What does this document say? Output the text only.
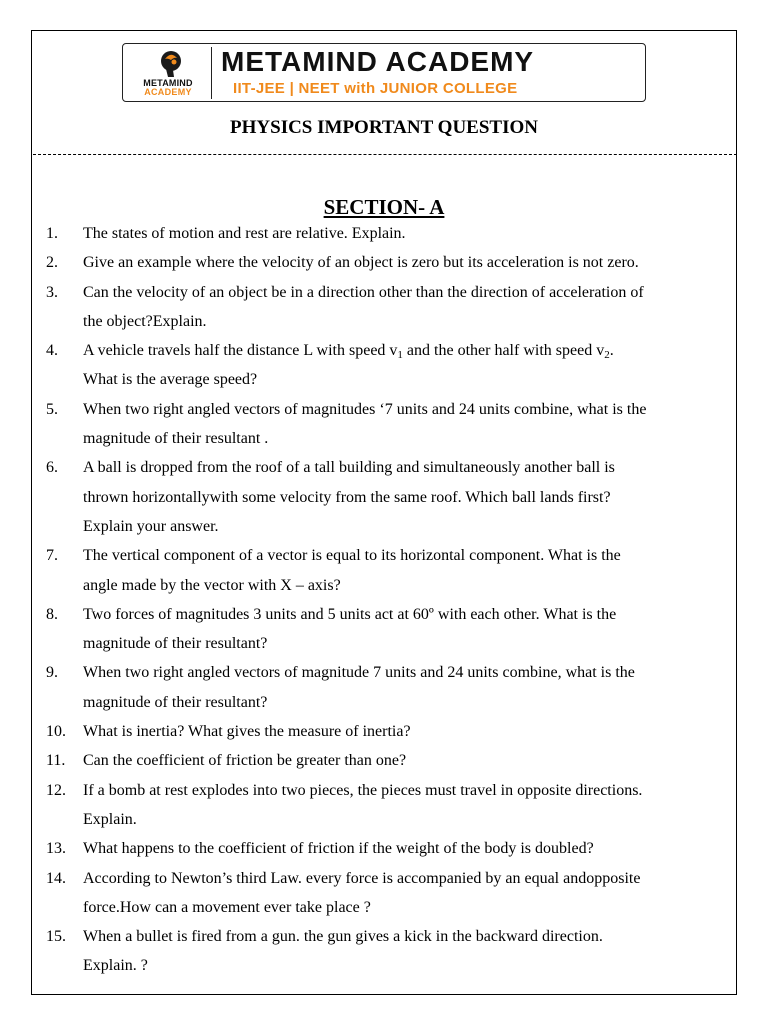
METAMIND
ACADEMY
METAMIND ACADEMY
IIT-JEE | NEET with JUNIOR COLLEGE
PHYSICS IMPORTANT QUESTION
SECTION- A
1. The states of motion and rest are relative. Explain.
2. Give an example where the velocity of an object is zero but its acceleration is not zero.
3. Can the velocity of an object be in a direction other than the direction of acceleration of
the object?Explain.
4. A vehicle travels half the distance L with speed $v_1$ and the other half with speed $v_2$.
What is the average speed?
5. When two right angled vectors of magnitudes ‘7 units and 24 units combine, what is the
magnitude of their resultant .
6. A ball is dropped from the roof of a tall building and simultaneously another ball is
thrown horizontallywith some velocity from the same roof. Which ball lands first?
Explain your answer.
7. The vertical component of a vector is equal to its horizontal component. What is the
angle made by the vector with X – axis?
8. Two forces of magnitudes 3 units and 5 units act at 60º with each other. What is the
magnitude of their resultant?
9. When two right angled vectors of magnitude 7 units and 24 units combine, what is the
magnitude of their resultant?
10. What is inertia? What gives the measure of inertia?
11. Can the coefficient of friction be greater than one?
12. If a bomb at rest explodes into two pieces, the pieces must travel in opposite directions.
Explain.
13. What happens to the coefficient of friction if the weight of the body is doubled?
14. According to Newton’s third Law. every force is accompanied by an equal andopposite
force.How can a movement ever take place ?
15. When a bullet is fired from a gun. the gun gives a kick in the backward direction.
Explain. ?
